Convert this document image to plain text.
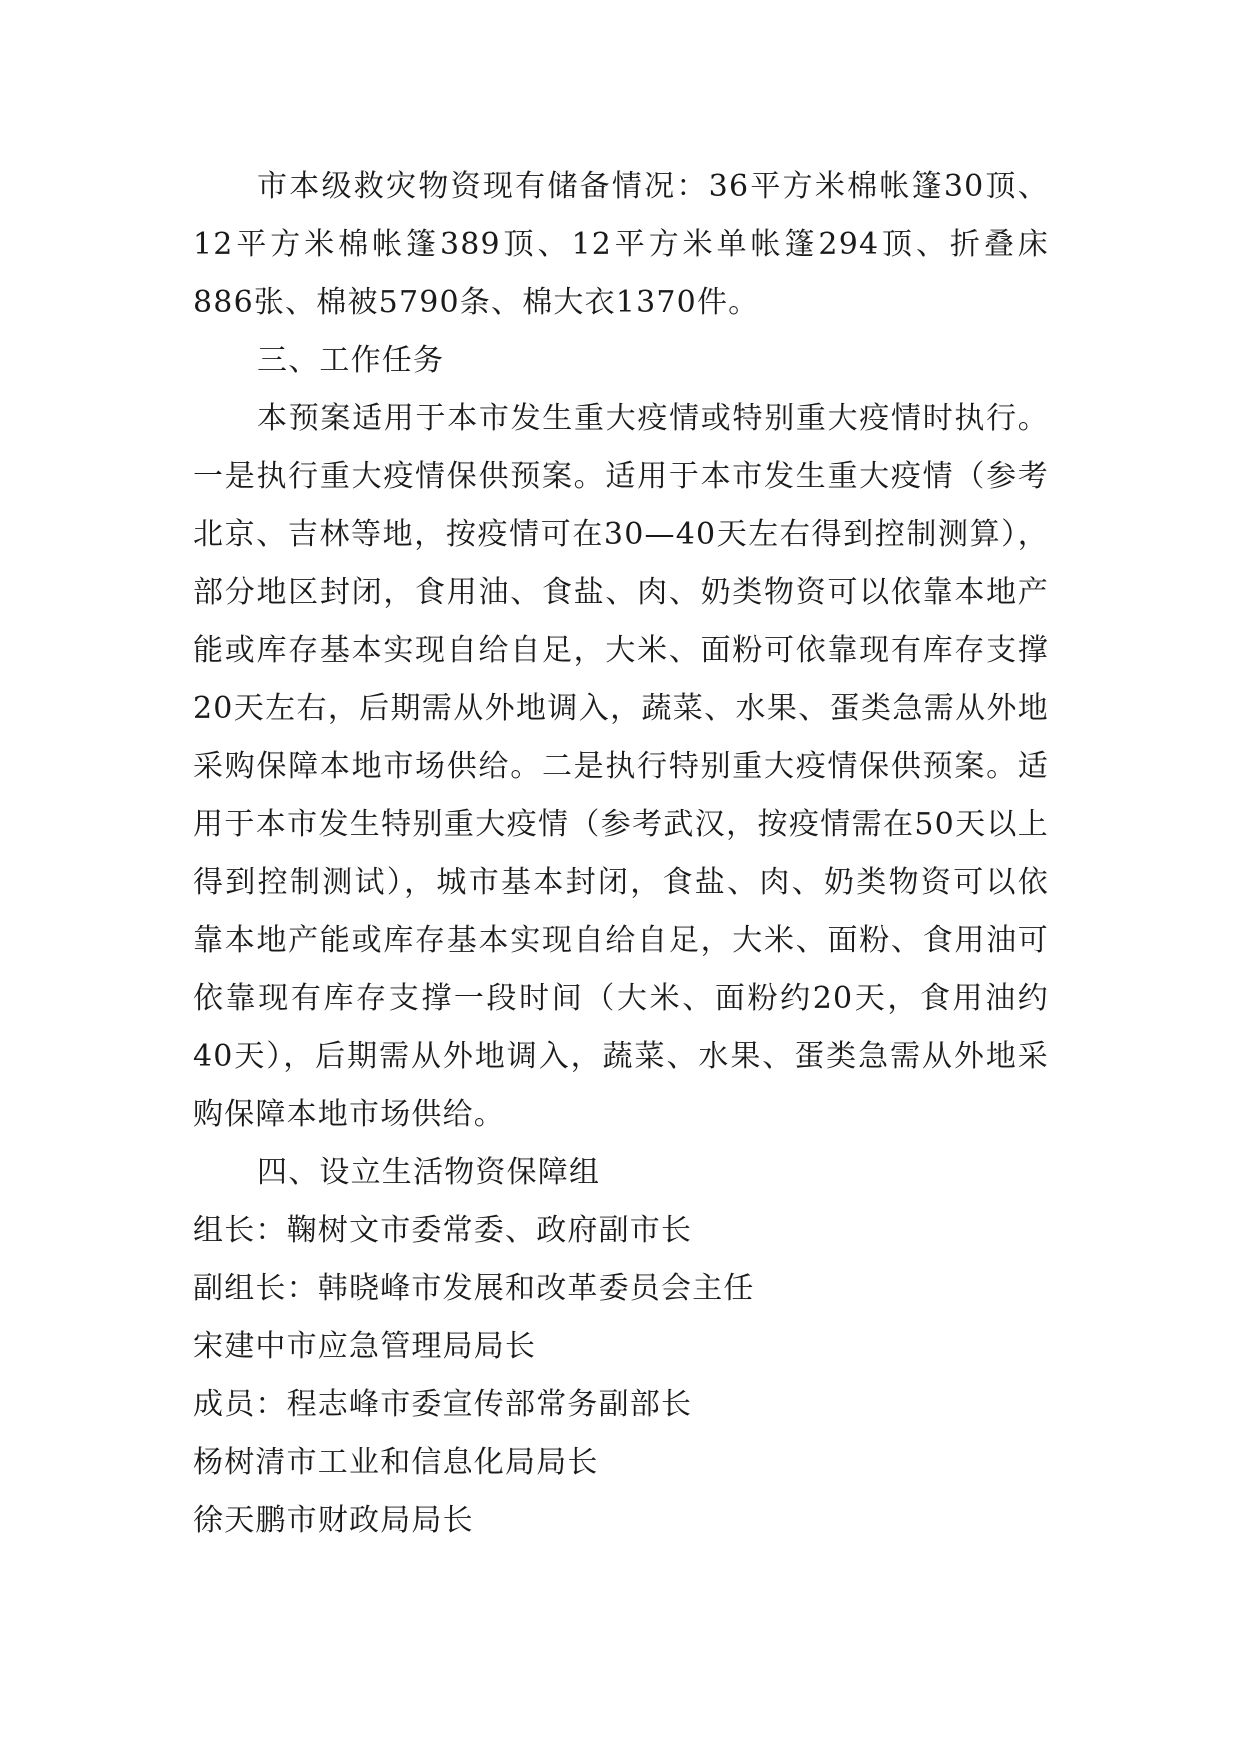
市本级救灾物资现有储备情况：36平方米棉帐篷30顶、12平方米棉帐篷389顶、12平方米单帐篷294顶、折叠床886张、棉被5790条、棉大衣1370件。

三、工作任务

本预案适用于本市发生重大疫情或特别重大疫情时执行。一是执行重大疫情保供预案。适用于本市发生重大疫情（参考北京、吉林等地，按疫情可在30—40天左右得到控制测算），部分地区封闭，食用油、食盐、肉、奶类物资可以依靠本地产能或库存基本实现自给自足，大米、面粉可依靠现有库存支撑20天左右，后期需从外地调入，蔬菜、水果、蛋类急需从外地采购保障本地市场供给。二是执行特别重大疫情保供预案。适用于本市发生特别重大疫情（参考武汉，按疫情需在50天以上得到控制测试），城市基本封闭，食盐、肉、奶类物资可以依靠本地产能或库存基本实现自给自足，大米、面粉、食用油可依靠现有库存支撑一段时间（大米、面粉约20天，食用油约40天），后期需从外地调入，蔬菜、水果、蛋类急需从外地采购保障本地市场供给。

四、设立生活物资保障组

组长：鞠树文市委常委、政府副市长

副组长：韩晓峰市发展和改革委员会主任

宋建中市应急管理局局长

成员：程志峰市委宣传部常务副部长

杨树清市工业和信息化局局长

徐天鹏市财政局局长
